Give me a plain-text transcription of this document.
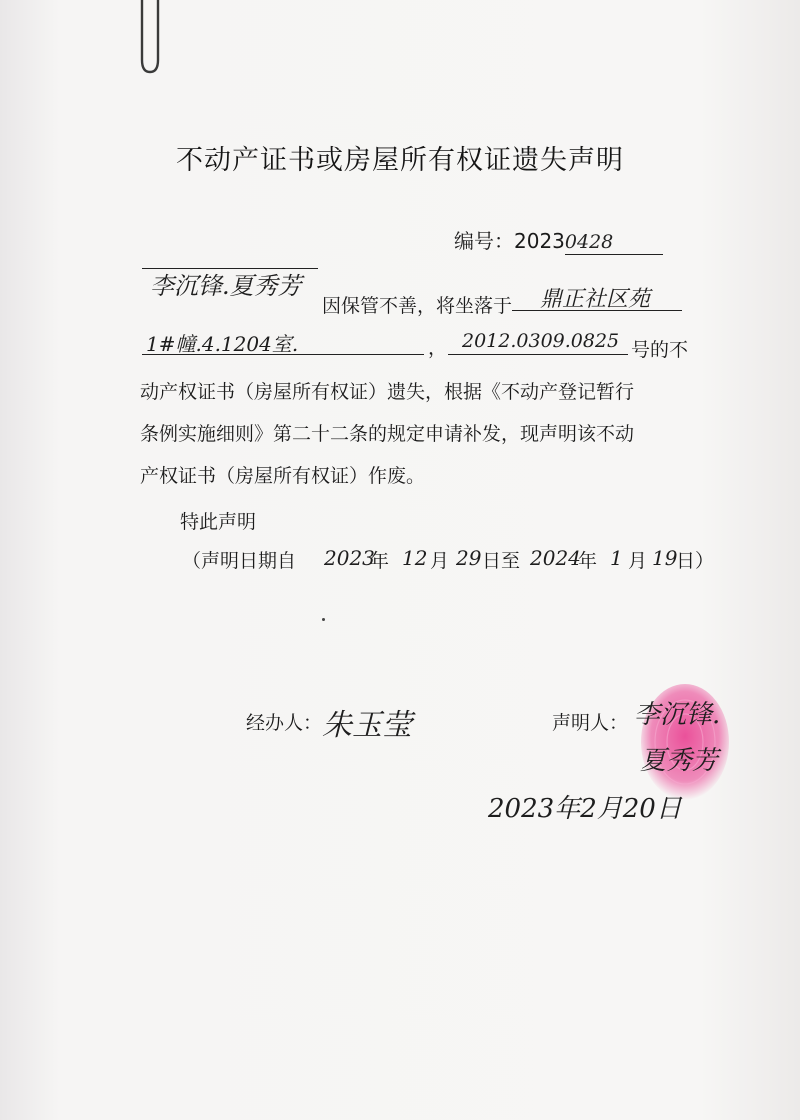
不动产证书或房屋所有权证遗失声明
编号：20230428
李沉锋.夏秀芳
因保管不善，将坐落于 鼎正社区苑
1#幢.4.1204室.	， 2012.0309.0825 号的不
动产权证书（房屋所有权证）遗失，根据《不动产登记暂行
条例实施细则》第二十二条的规定申请补发，现声明该不动
产权证书（房屋所有权证）作废。
特此声明
（声明日期自 2023
年 12 月 29 日至 2024
年 1 月 19
日）
经办人： 朱玉莹	声明人： 李沉锋.
夏秀芳
2023年2月20日
